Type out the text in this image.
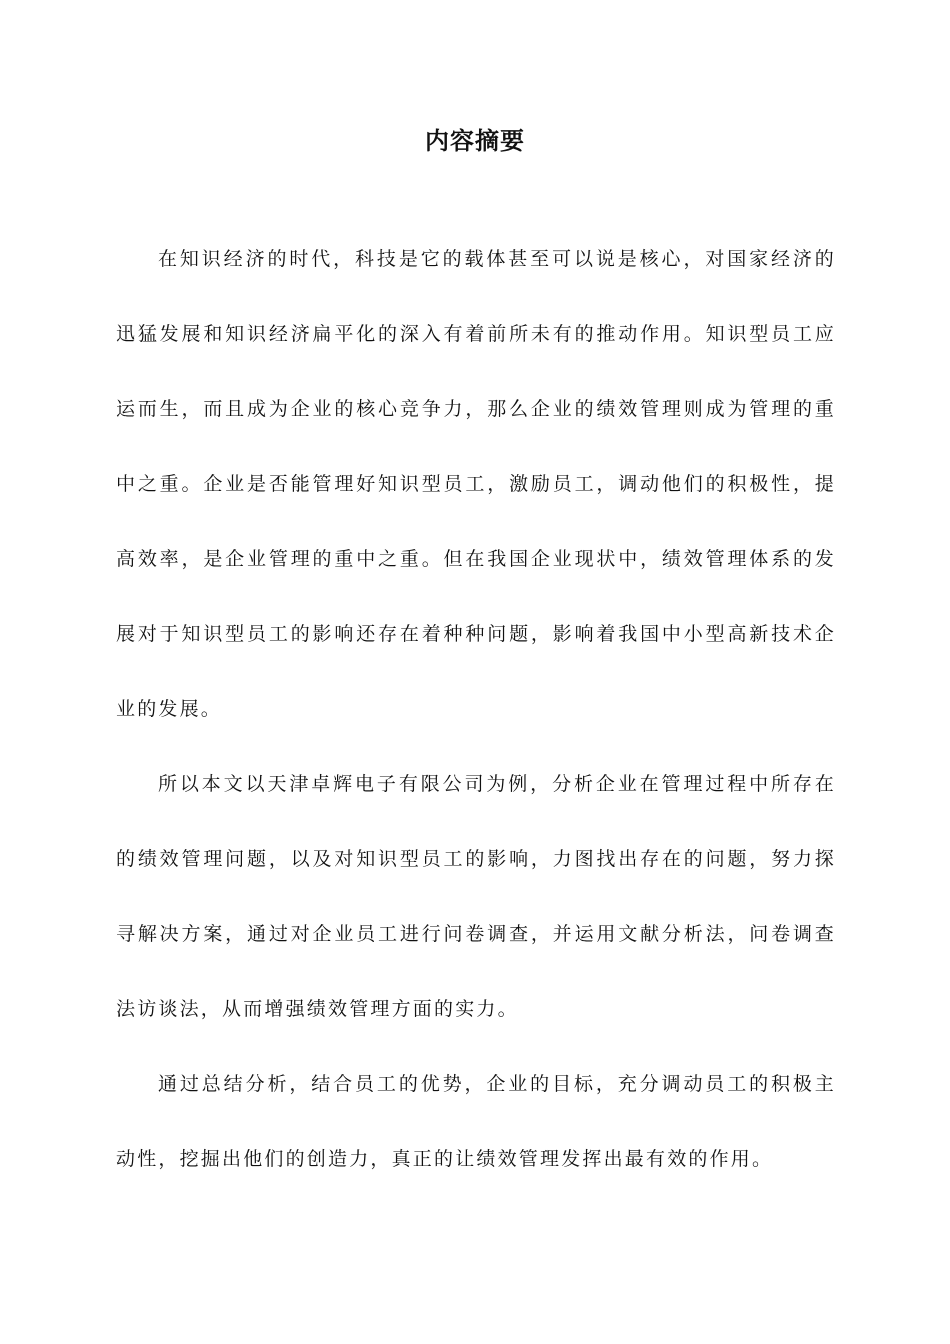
内容摘要

在知识经济的时代，科技是它的载体甚至可以说是核心，对国家经济的迅猛发展和知识经济扁平化的深入有着前所未有的推动作用。知识型员工应运而生，而且成为企业的核心竞争力，那么企业的绩效管理则成为管理的重中之重。企业是否能管理好知识型员工，激励员工，调动他们的积极性，提高效率，是企业管理的重中之重。但在我国企业现状中，绩效管理体系的发展对于知识型员工的影响还存在着种种问题，影响着我国中小型高新技术企业的发展。

所以本文以天津卓辉电子有限公司为例，分析企业在管理过程中所存在的绩效管理问题，以及对知识型员工的影响，力图找出存在的问题，努力探寻解决方案，通过对企业员工进行问卷调查，并运用文献分析法，问卷调查法访谈法，从而增强绩效管理方面的实力。

通过总结分析，结合员工的优势，企业的目标，充分调动员工的积极主动性，挖掘出他们的创造力，真正的让绩效管理发挥出最有效的作用。
